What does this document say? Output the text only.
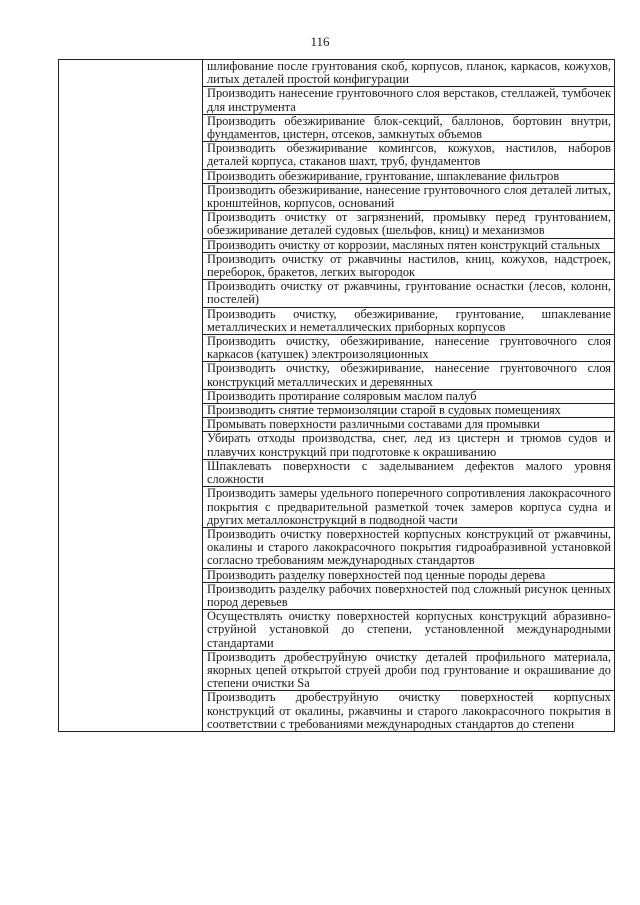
116
	шлифование после грунтования скоб, корпусов, планок, каркасов, кожухов, литых деталей простой конфигурации
Производить нанесение грунтовочного слоя верстаков, стеллажей, тумбочек для инструмента
Производить обезжиривание блок-секций, баллонов, бортовин внутри, фундаментов, цистерн, отсеков, замкнутых объемов
Производить обезжиривание комингсов, кожухов, настилов, наборов деталей корпуса, стаканов шахт, труб, фундаментов
Производить обезжиривание, грунтование, шпаклевание фильтров
Производить обезжиривание, нанесение грунтовочного слоя деталей литых, кронштейнов, корпусов, оснований
Производить очистку от загрязнений, промывку перед грунтованием, обезжиривание деталей судовых (шельфов, книц) и механизмов
Производить очистку от коррозии, масляных пятен конструкций стальных
Производить очистку от ржавчины настилов, книц, кожухов, надстроек, переборок, бракетов, легких выгородок
Производить очистку от ржавчины, грунтование оснастки (лесов, колонн, постелей)
Производить очистку, обезжиривание, грунтование, шпаклевание металлических и неметаллических приборных корпусов
Производить очистку, обезжиривание, нанесение грунтовочного слоя каркасов (катушек) электроизоляционных
Производить очистку, обезжиривание, нанесение грунтовочного слоя конструкций металлических и деревянных
Производить протирание соляровым маслом палуб
Производить снятие термоизоляции старой в судовых помещениях
Промывать поверхности различными составами для промывки
Убирать отходы производства, снег, лед из цистерн и трюмов судов и плавучих конструкций при подготовке к окрашиванию
Шпаклевать поверхности с заделыванием дефектов малого уровня сложности
Производить замеры удельного поперечного сопротивления лакокрасочного покрытия с предварительной разметкой точек замеров корпуса судна и других металлоконструкций в подводной части
Производить очистку поверхностей корпусных конструкций от ржавчины, окалины и старого лакокрасочного покрытия гидроабразивной установкой согласно требованиям международных стандартов
Производить разделку поверхностей под ценные породы дерева
Производить разделку рабочих поверхностей под сложный рисунок ценных пород деревьев
Осуществлять очистку поверхностей корпусных конструкций абразивно-струйной установкой до степени, установленной международными стандартами
Производить дробеструйную очистку деталей профильного материала, якорных цепей открытой струей дроби под грунтование и окрашивание до степени очистки Sa
Производить дробеструйную очистку поверхностей корпусных конструкций от окалины, ржавчины и старого лакокрасочного покрытия в соответствии с требованиями международных стандартов до степени
